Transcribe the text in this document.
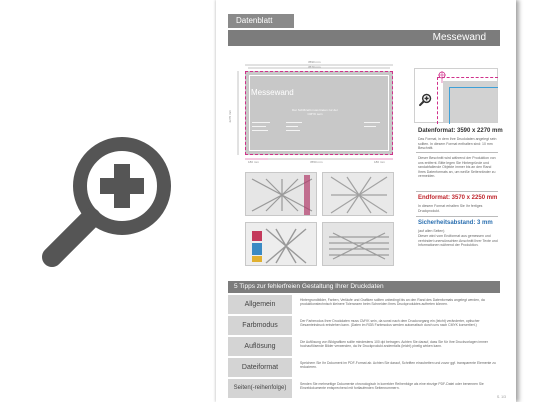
Datenblatt
Messewand
3590 mm
3570 mm
180 mm	3550 mm	180 mm
2270 mm
Messewand
Der Schiftzeilt muss bieten zur der CMYK sein
Datenformat: 3590 x 2270 mm
Das Format, in dem Ihre Druckdaten angelegt sein sollten. In diesem Format enthalten sind: 10 mm Beschnitt.
Dieser Beschnitt wird während der Produktion von uns entfernt. Bitte legen Sie Hintergründe und randabfallende Objekte immer bis an den Rand Ihres Datenformats an, um weiße Seitenränder zu vermeiden.
Endformat: 3570 x 2250 mm
In diesem Format erhalten Sie Ihr fertiges Druckprodukt.
Sicherheitsabstand: 3 mm
(auf allen Seiten)
Dieser wird vom Endformat aus gemessen und verhindert unerwünschten Anschnitt Ihrer Texte und Informationen während der Produktion.
5 Tipps zur fehlerfreien Gestaltung Ihrer Druckdaten
Allgemein
Hintergrundbilder, Farben, Verläufe und Grafiken sollten unbedingt bis an den Rand des Datenformats angelegt werden, da produktionstechnisch kleinere Toleranzen beim Schneiden Ihres Druckproduktes auftreten können.
Farbmodus
Der Farbmodus Ihrer Druckdaten muss CMYK sein, da sonst nach dem Druckvorgang ein (leicht) veränderter, optischer Gesamteindruck entstehen kann. (Daten im RGB Farbmodus werden automatisch durch uns nach CMYK konvertiert.)
Auflösung
Die Auflösung von Bildgrafiken sollte mindestens 100 dpi betragen. Achten Sie darauf, dass Sie für Ihre Druckvorlagen immer hochauflösende Bilder verwenden, da Ihr Druckprodukt andernfalls (leicht) pixelig wirken kann.
Dateiformat
Speichern Sie Ihr Dokument im PDF-Format ab. Achten Sie darauf, Schriften einzubetten und zuvor ggf. transparente Elemente zu reduzieren.
Seiten(-reihenfolge)
Senden Sie mehrseitige Dokumente chronologisch in korrekter Reihenfolge als eine einzige PDF-Datei oder benennen Sie Einzeldokumente entsprechend mit fortlaufenden Seitennummern.
S. 1/3
